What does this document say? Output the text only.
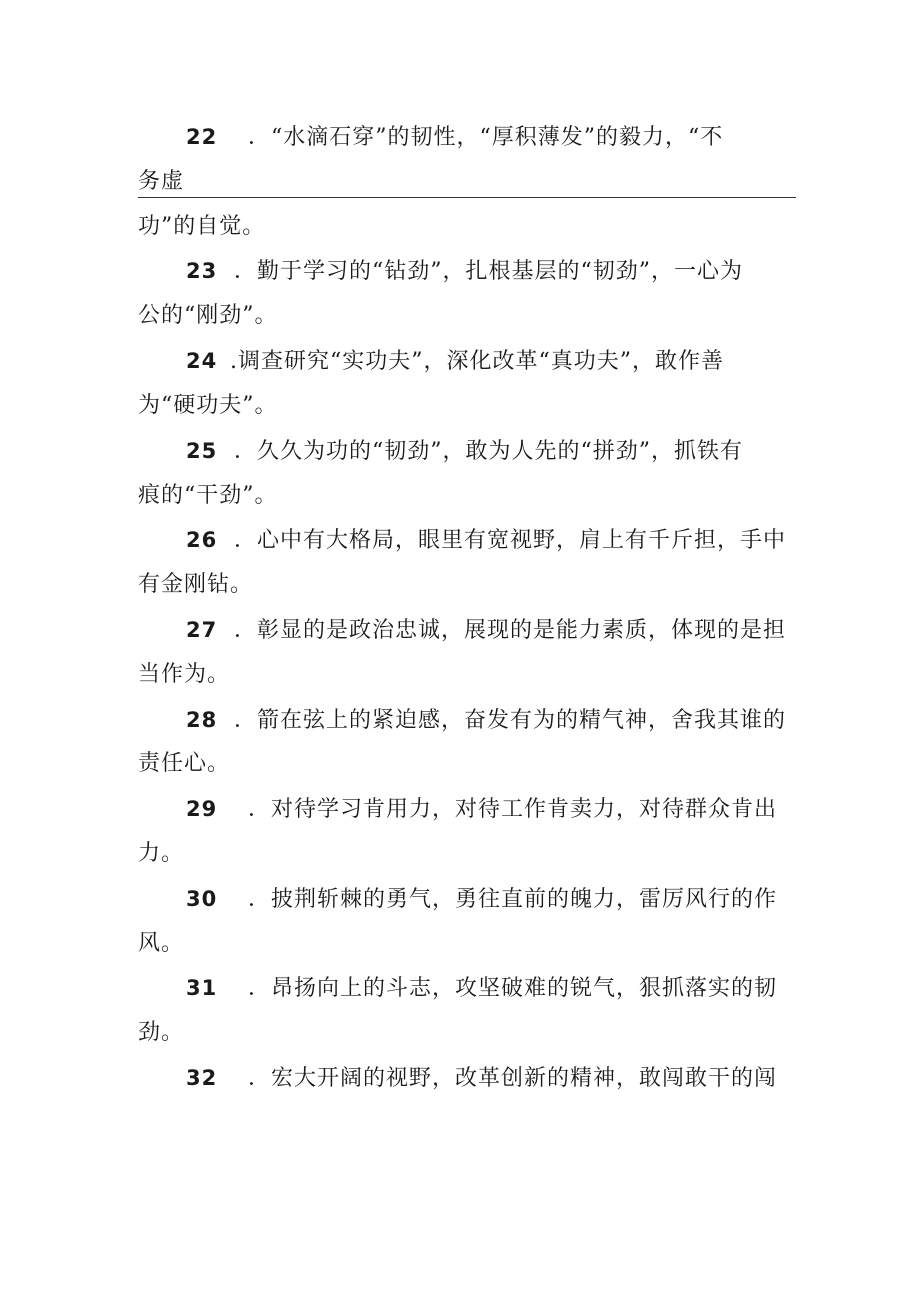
22 ．“水滴石穿”的韧性，“厚积薄发”的毅力，“不
务虚
功”的自觉。
23 ．勤于学习的“钻劲”，扎根基层的“韧劲”，一心为
公的“刚劲”。
24 .调查研究“实功夫”，深化改革“真功夫”，敢作善
为“硬功夫”。
25 ．久久为功的“韧劲”，敢为人先的“拼劲”，抓铁有
痕的“干劲”。
26 ．心中有大格局，眼里有宽视野，肩上有千斤担，手中
有金刚钻。
27 ．彰显的是政治忠诚，展现的是能力素质，体现的是担
当作为。
28 ．箭在弦上的紧迫感，奋发有为的精气神，舍我其谁的
责任心。
29 ．对待学习肯用力，对待工作肯卖力，对待群众肯出
力。
30 ．披荆斩棘的勇气，勇往直前的魄力，雷厉风行的作
风。
31 ．昂扬向上的斗志，攻坚破难的锐气，狠抓落实的韧
劲。
32 ．宏大开阔的视野，改革创新的精神，敢闯敢干的闯
